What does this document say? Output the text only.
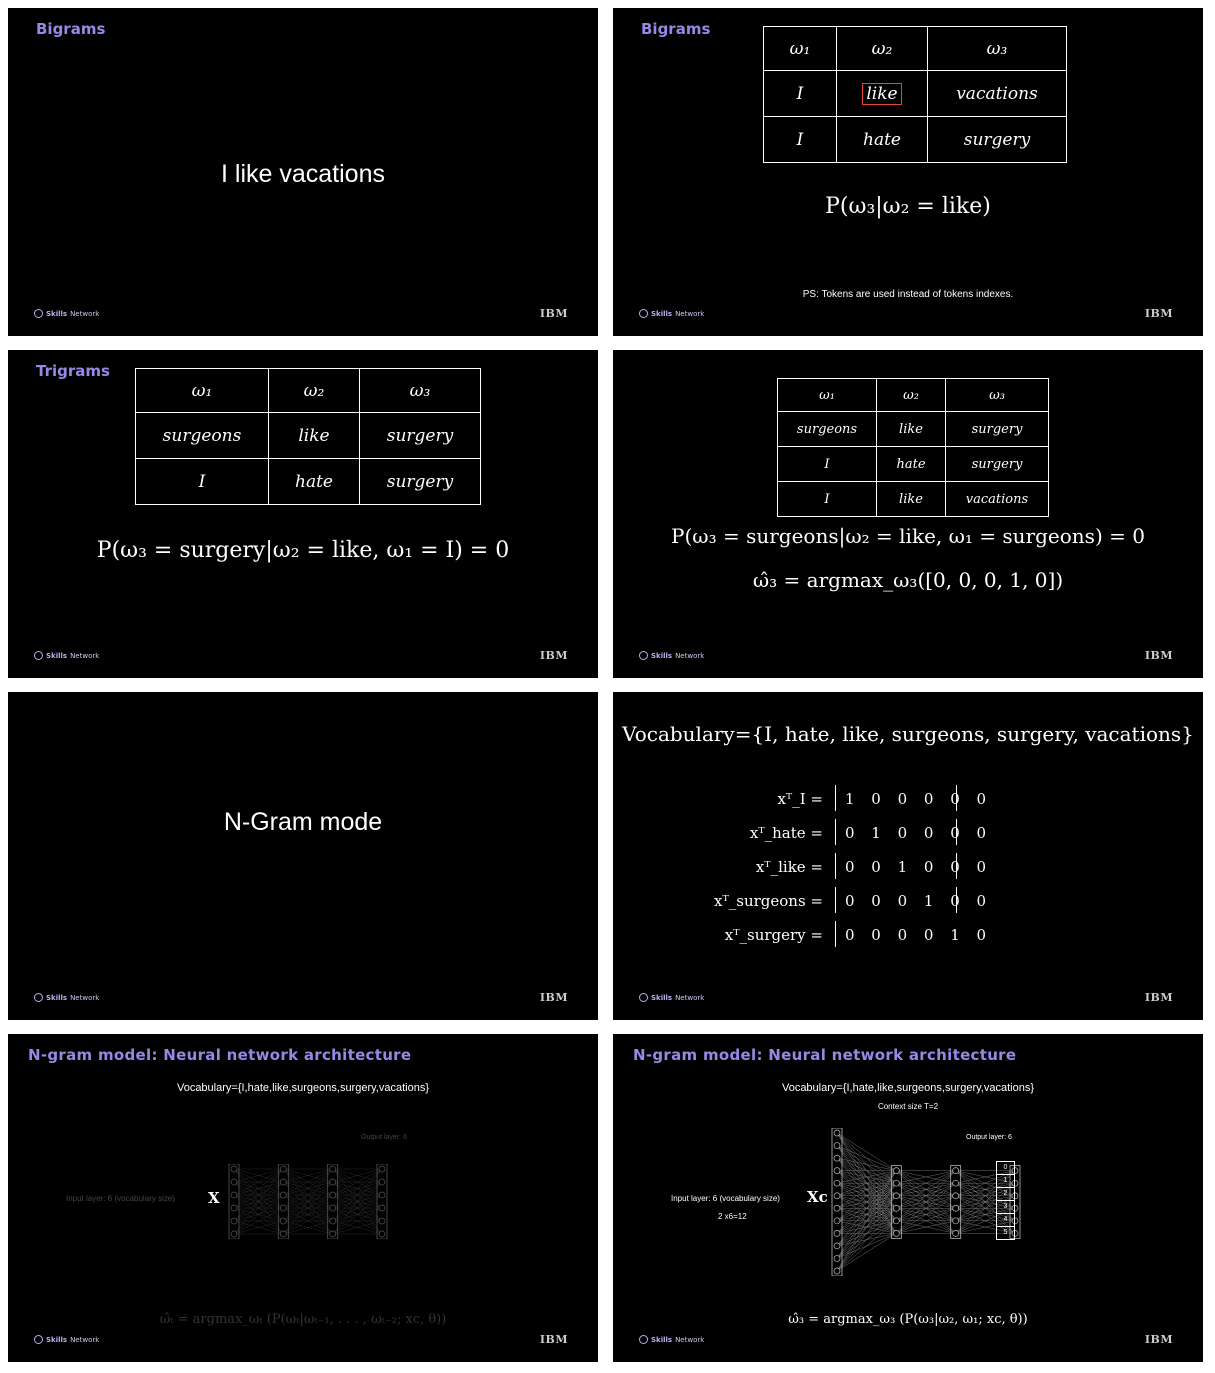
Bigrams
I like vacations
Skills Network	IBM
Bigrams
ω₁	ω₂	ω₃
I	like	vacations
I	hate	surgery
P(ω₃|ω₂ = like)
PS: Tokens are used instead of tokens indexes.
Skills Network	IBM
Trigrams
ω₁	ω₂	ω₃
surgeons	like	surgery
I	hate	surgery
P(ω₃ = surgery|ω₂ = like, ω₁ = I) = 0
Skills Network	IBM
ω₁	ω₂	ω₃
surgeons	like	surgery
I	hate	surgery
I	like	vacations
P(ω₃ = surgeons|ω₂ = like, ω₁ = surgeons) = 0
ω̂₃ = argmax_ω₃([0, 0, 0, 1, 0])
Skills Network	IBM
N-Gram mode
Skills Network	IBM
Vocabulary={I, hate, like, surgeons, surgery, vacations}
xᵀ_I = 1 0 0 0 0 0
xᵀ_hate = 0 1 0 0 0 0
xᵀ_like = 0 0 1 0 0 0
xᵀ_surgeons = 0 0 0 1 0 0
xᵀ_surgery = 0 0 0 0 1 0
Skills Network	IBM
N-gram model: Neural network architecture
Vocabulary={I,hate,like,surgeons,surgery,vacations}
Output layer: 6
Input layer: 6 (vocabulary size) X
ω̂ₜ = argmax_ωₜ (P(ωₜ|ωₜ₋₁, . . . , ωₜ₋₂; xc, θ))
Skills Network	IBM
N-gram model: Neural network architecture
Vocabulary={I,hate,like,surgeons,surgery,vacations}
Context size T=2
Output layer: 6
Input layer: 6 (vocabulary size) Xc
2 x6=12
0
1
2
3
4
5
ω̂₃ = argmax_ω₃ (P(ω₃|ω₂, ω₁; xc, θ))
Skills Network	IBM
